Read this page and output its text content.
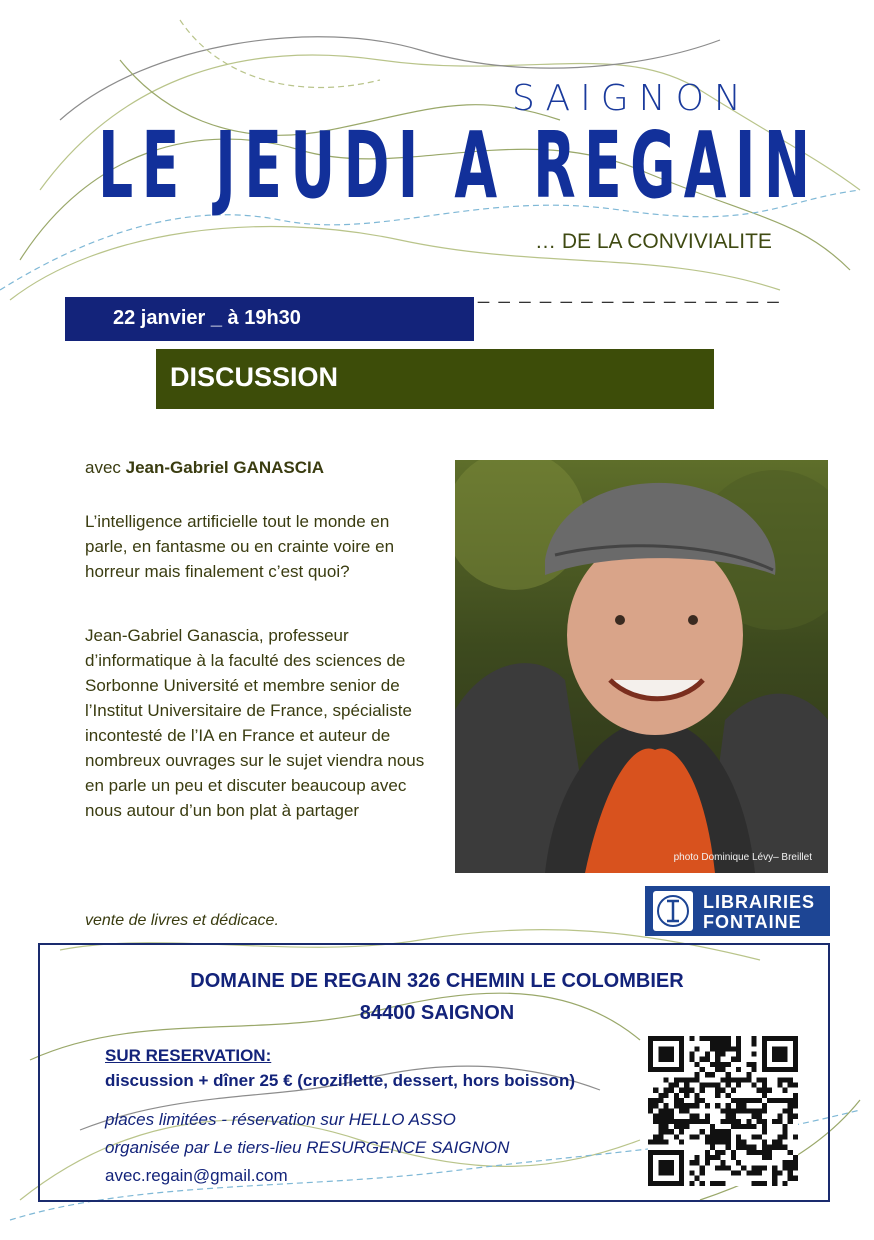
SAIGNON
LE JEUDI A REGAIN
… DE LA CONVIVIALITE
_ _ _ _ _ _ _ _ _ _ _ _ _ _ _
22 janvier _ à 19h30
DISCUSSION
avec Jean-Gabriel GANASCIA

L’intelligence artificielle tout le monde en parle, en fantasme ou en crainte voire en horreur mais finalement c’est quoi?

Jean-Gabriel Ganascia, professeur d’informatique à la faculté des sciences de Sorbonne Université et membre senior de l’Institut Universitaire de France, spécialiste incontesté de l’IA en France et auteur de nombreux ouvrages sur le sujet viendra nous en parle un peu et discuter beaucoup avec nous autour d’un bon plat à partager

vente de livres et dédicace.
photo Dominique Lévy– Breillet
LIBRAIRIES
FONTAINE
DOMAINE DE REGAIN 326 CHEMIN LE COLOMBIER
84400 SAIGNON
SUR RESERVATION:
discussion + dîner 25 € (croziflette, dessert, hors boisson)
places limitées - réservation sur HELLO ASSO
organisée par Le tiers-lieu RESURGENCE SAIGNON
avec.regain@gmail.com
